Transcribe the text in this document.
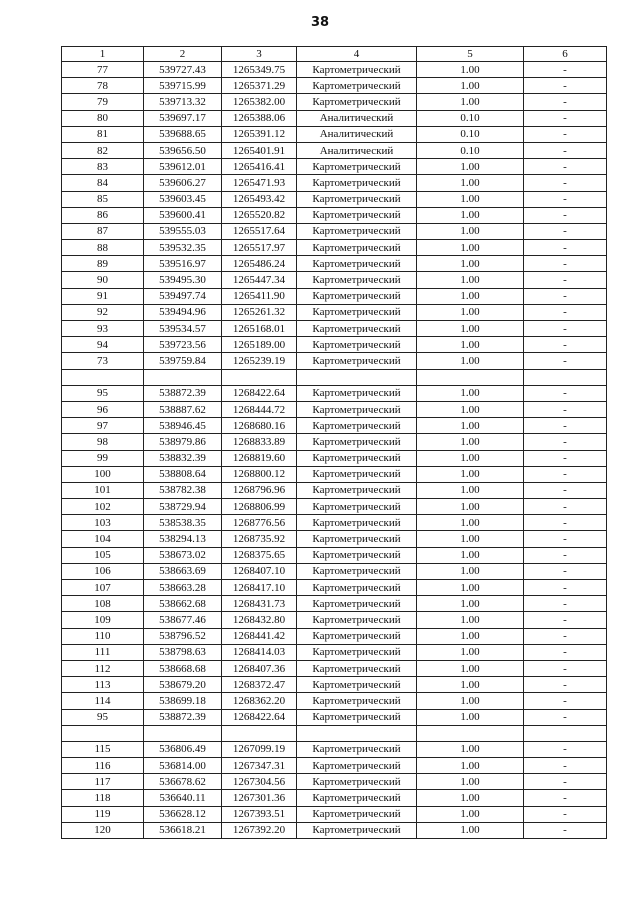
38
1	2	3	4	5	6
77	539727.43	1265349.75	Картометрический	1.00	-
78	539715.99	1265371.29	Картометрический	1.00	-
79	539713.32	1265382.00	Картометрический	1.00	-
80	539697.17	1265388.06	Аналитический	0.10	-
81	539688.65	1265391.12	Аналитический	0.10	-
82	539656.50	1265401.91	Аналитический	0.10	-
83	539612.01	1265416.41	Картометрический	1.00	-
84	539606.27	1265471.93	Картометрический	1.00	-
85	539603.45	1265493.42	Картометрический	1.00	-
86	539600.41	1265520.82	Картометрический	1.00	-
87	539555.03	1265517.64	Картометрический	1.00	-
88	539532.35	1265517.97	Картометрический	1.00	-
89	539516.97	1265486.24	Картометрический	1.00	-
90	539495.30	1265447.34	Картометрический	1.00	-
91	539497.74	1265411.90	Картометрический	1.00	-
92	539494.96	1265261.32	Картометрический	1.00	-
93	539534.57	1265168.01	Картометрический	1.00	-
94	539723.56	1265189.00	Картометрический	1.00	-
73	539759.84	1265239.19	Картометрический	1.00	-

95	538872.39	1268422.64	Картометрический	1.00	-
96	538887.62	1268444.72	Картометрический	1.00	-
97	538946.45	1268680.16	Картометрический	1.00	-
98	538979.86	1268833.89	Картометрический	1.00	-
99	538832.39	1268819.60	Картометрический	1.00	-
100	538808.64	1268800.12	Картометрический	1.00	-
101	538782.38	1268796.96	Картометрический	1.00	-
102	538729.94	1268806.99	Картометрический	1.00	-
103	538538.35	1268776.56	Картометрический	1.00	-
104	538294.13	1268735.92	Картометрический	1.00	-
105	538673.02	1268375.65	Картометрический	1.00	-
106	538663.69	1268407.10	Картометрический	1.00	-
107	538663.28	1268417.10	Картометрический	1.00	-
108	538662.68	1268431.73	Картометрический	1.00	-
109	538677.46	1268432.80	Картометрический	1.00	-
110	538796.52	1268441.42	Картометрический	1.00	-
111	538798.63	1268414.03	Картометрический	1.00	-
112	538668.68	1268407.36	Картометрический	1.00	-
113	538679.20	1268372.47	Картометрический	1.00	-
114	538699.18	1268362.20	Картометрический	1.00	-
95	538872.39	1268422.64	Картометрический	1.00	-

115	536806.49	1267099.19	Картометрический	1.00	-
116	536814.00	1267347.31	Картометрический	1.00	-
117	536678.62	1267304.56	Картометрический	1.00	-
118	536640.11	1267301.36	Картометрический	1.00	-
119	536628.12	1267393.51	Картометрический	1.00	-
120	536618.21	1267392.20	Картометрический	1.00	-
